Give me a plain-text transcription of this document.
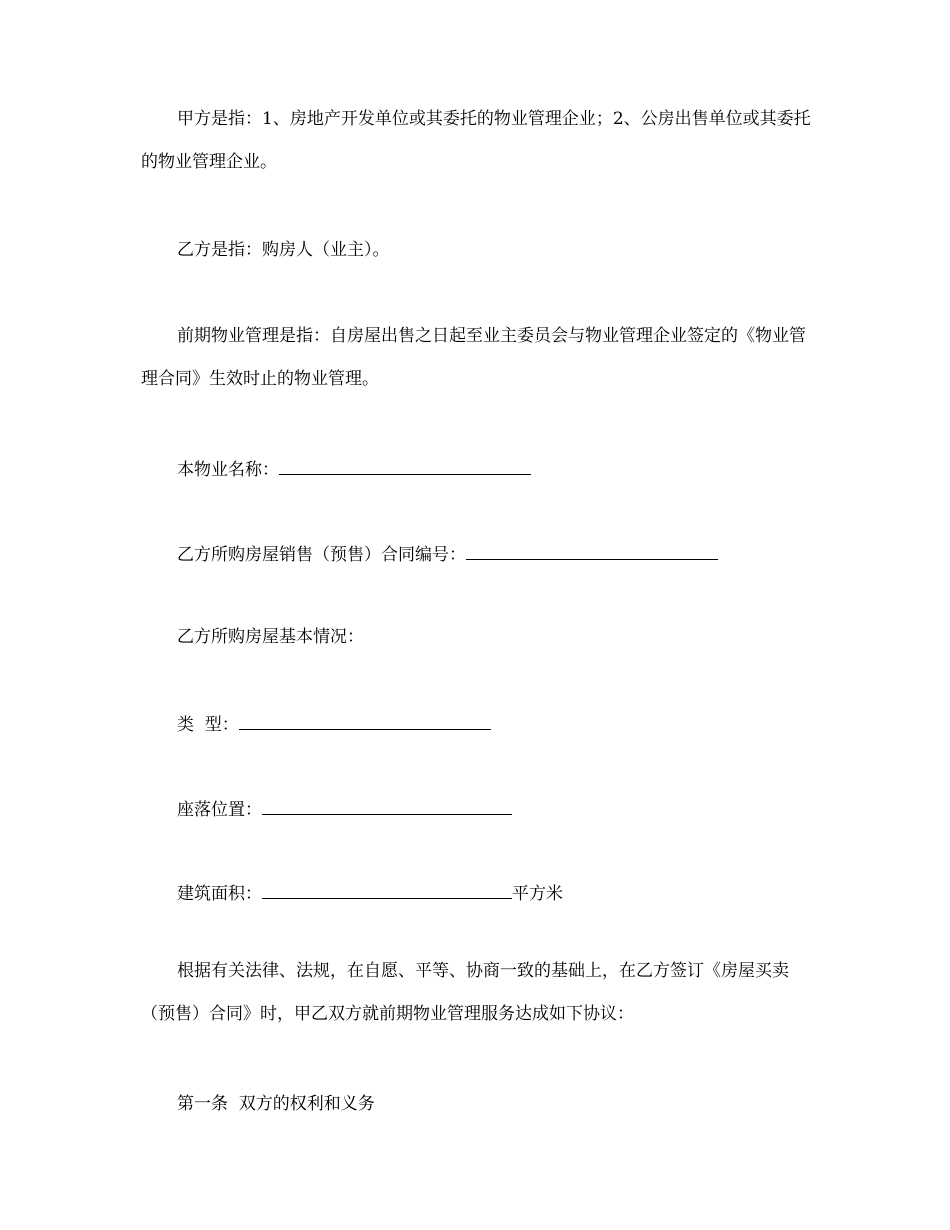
甲方是指：1、房地产开发单位或其委托的物业管理企业；2、公房出售单位或其委托的物业管理企业。

乙方是指：购房人（业主）。

前期物业管理是指：自房屋出售之日起至业主委员会与物业管理企业签定的《物业管理合同》生效时止的物业管理。

本物业名称：
乙方所购房屋销售（预售）合同编号：
乙方所购房屋基本情况：
类  型：
座落位置：
建筑面积：	平方米

根据有关法律、法规，在自愿、平等、协商一致的基础上，在乙方签订《房屋买卖（预售）合同》时，甲乙双方就前期物业管理服务达成如下协议：

第一条  双方的权利和义务
